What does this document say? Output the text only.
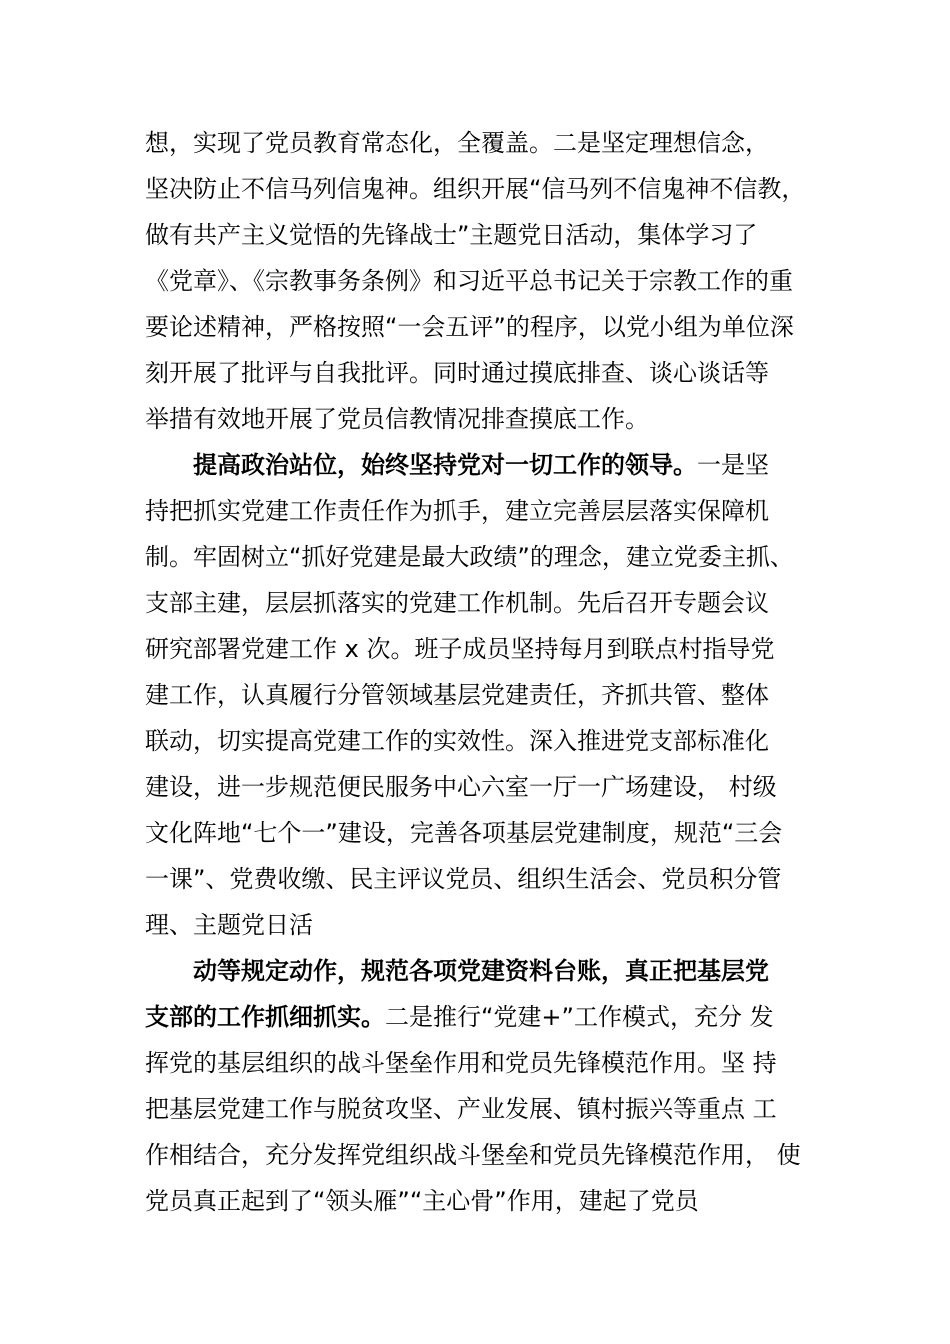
想，实现了党员教育常态化，全覆盖。二是坚定理想信念，
坚决防止不信马列信鬼神。组织开展“信马列不信鬼神不信教，
做有共产主义觉悟的先锋战士”主题党日活动，集体学习了
《党章》、《宗教事务条例》和习近平总书记关于宗教工作的重
要论述精神，严格按照“一会五评”的程序，以党小组为单位深
刻开展了批评与自我批评。同时通过摸底排查、谈心谈话等
举措有效地开展了党员信教情况排查摸底工作。
提高政治站位，始终坚持党对一切工作的领导。一是坚
持把抓实党建工作责任作为抓手，建立完善层层落实保障机
制。牢固树立“抓好党建是最大政绩”的理念，建立党委主抓、
支部主建，层层抓落实的党建工作机制。先后召开专题会议
研究部署党建工作 x 次。班子成员坚持每月到联点村指导党
建工作，认真履行分管领域基层党建责任，齐抓共管、整体
联动，切实提高党建工作的实效性。深入推进党支部标准化
建设，进一步规范便民服务中心六室一厅一广场建设， 村级
文化阵地“七个一”建设，完善各项基层党建制度，规范“三会
一课”、党费收缴、民主评议党员、组织生活会、党员积分管
理、主题党日活
动等规定动作，规范各项党建资料台账，真正把基层党
支部的工作抓细抓实。二是推行“党建+”工作模式，充分 发
挥党的基层组织的战斗堡垒作用和党员先锋模范作用。坚 持
把基层党建工作与脱贫攻坚、产业发展、镇村振兴等重点 工
作相结合，充分发挥党组织战斗堡垒和党员先锋模范作用， 使
党员真正起到了“领头雁”“主心骨”作用，建起了党员
